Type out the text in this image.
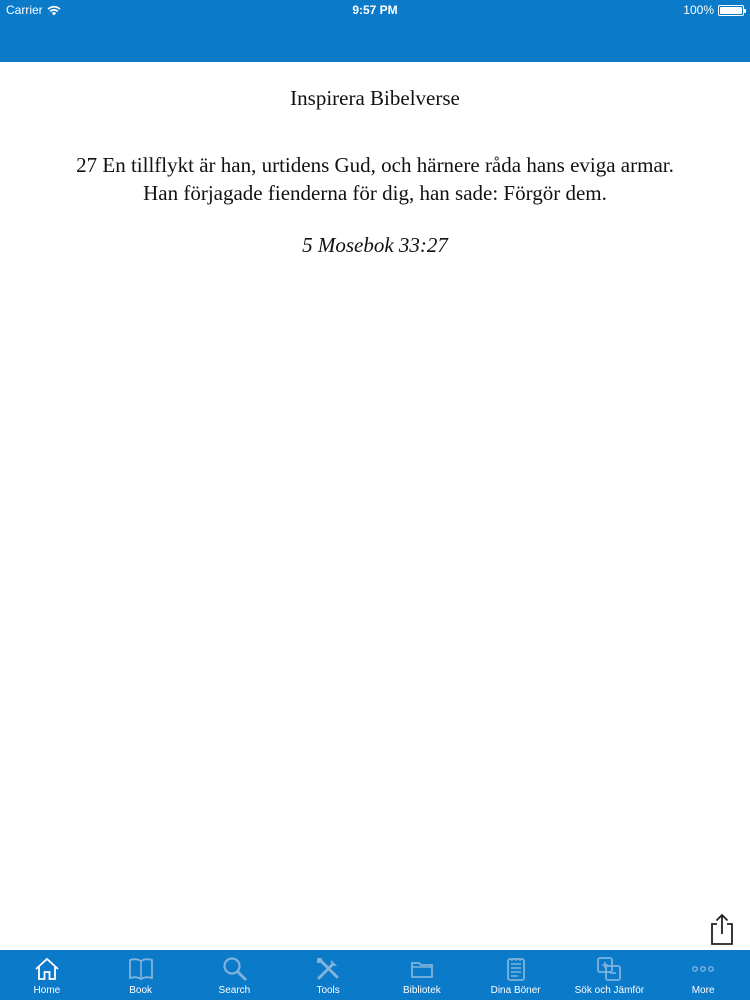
Carrier	9:57 PM	100%
Inspirera Bibelverse
27 En tillflykt är han, urtidens Gud, och härnere råda hans eviga armar.
Han förjagade fienderna för dig, han sade: Förgör dem.
5 Mosebok 33:27
Home	Book	Search	Tools	Bibliotek	Dina Böner	Sök och Jämför	More
